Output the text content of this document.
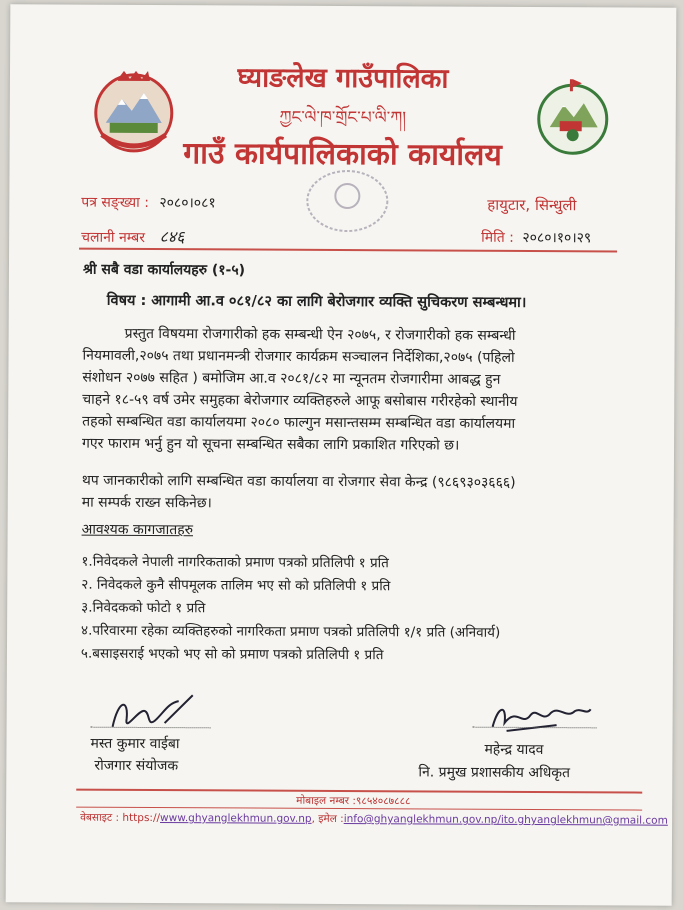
घ्याङलेख गाउँपालिका
ཀྱང་ལེ་ཁ་གྲོང་པ་ལི་ཀ།
गाउँ कार्यपालिकाको कार्यालय
पत्र सङ्ख्या : २०८०।०८१
चलानी नम्बर ८४६
हायुटार, सिन्धुली
मिति : २०८०।१०।२९
श्री सबै वडा कार्यालयहरु (१-५)
विषय : आगामी आ.व ०८१/८२ का लागि बेरोजगार व्यक्ति सुचिकरण सम्बन्धमा।
प्रस्तुत विषयमा रोजगारीको हक सम्बन्धी ऐन २०७५, र रोजगारीको हक सम्बन्धी
नियमावली,२०७५ तथा प्रधानमन्त्री रोजगार कार्यक्रम सञ्चालन निर्देशिका,२०७५ (पहिलो
संशोधन २०७७ सहित ) बमोजिम आ.व २०८१/८२ मा न्यूनतम रोजगारीमा आबद्ध हुन
चाहने १८-५९ वर्ष उमेर समुहका बेरोजगार व्यक्तिहरुले आफू बसोबास गरीरहेको स्थानीय
तहको सम्बन्धित वडा कार्यालयमा २०८० फाल्गुन मसान्तसम्म सम्बन्धित वडा कार्यालयमा
गएर फाराम भर्नु हुन यो सूचना सम्बन्धित सबैका लागि प्रकाशित गरिएको छ।
थप जानकारीको लागि सम्बन्धित वडा कार्यालया वा रोजगार सेवा केन्द्र (९८६९३०३६६६)
मा सम्पर्क राख्न सकिनेछ।
आवश्यक कागजातहरु
१.निवेदकले नेपाली नागरिकताको प्रमाण पत्रको प्रतिलिपी १ प्रति
२. निवेदकले कुनै सीपमूलक तालिम भए सो को प्रतिलिपी १ प्रति
३.निवेदकको फोटो १ प्रति
४.परिवारमा रहेका व्यक्तिहरुको नागरिकता प्रमाण पत्रको प्रतिलिपी १/१ प्रति (अनिवार्य)
५.बसाइसराई भएको भए सो को प्रमाण पत्रको प्रतिलिपी १ प्रति
मस्त कुमार वाईबा
रोजगार संयोजक
महेन्द्र यादव
नि. प्रमुख प्रशासकीय अधिकृत
मोबाइल नम्बर :९८५४०८७८८८
वेबसाइट : https://www.ghyanglekhmun.gov.np, इमेल :info@ghyanglekhmun.gov.np/ito.ghyanglekhmun@gmail.com
